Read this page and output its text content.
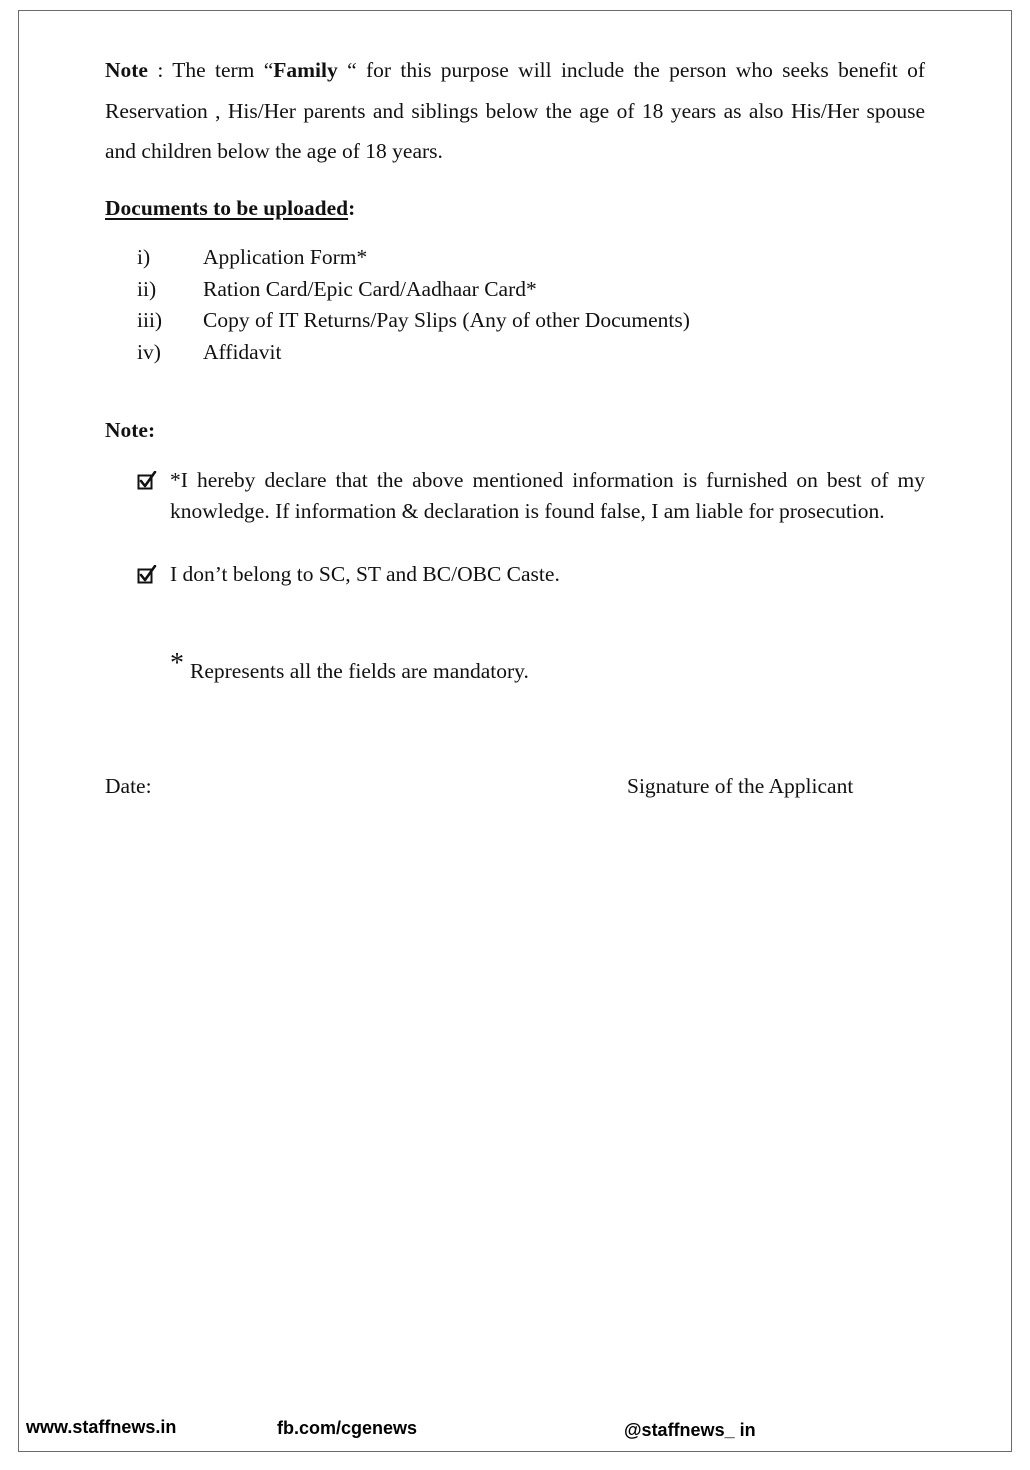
Note : The term “Family “ for this purpose will include the person who seeks benefit of Reservation , His/Her parents and siblings below the age of 18 years as also His/Her spouse and children below the age of 18 years.

Documents to be uploaded:

i) Application Form*
ii) Ration Card/Epic Card/Aadhaar Card*
iii) Copy of IT Returns/Pay Slips (Any of other Documents)
iv) Affidavit

Note:

*I hereby declare that the above mentioned information is furnished on best of my knowledge. If information & declaration is found false, I am liable for prosecution.
I don’t belong to SC, ST and BC/OBC Caste.
* Represents all the fields are mandatory.
Date:	Signature of the Applicant
www.staffnews.in	fb.com/cgenews	@staffnews_ in
